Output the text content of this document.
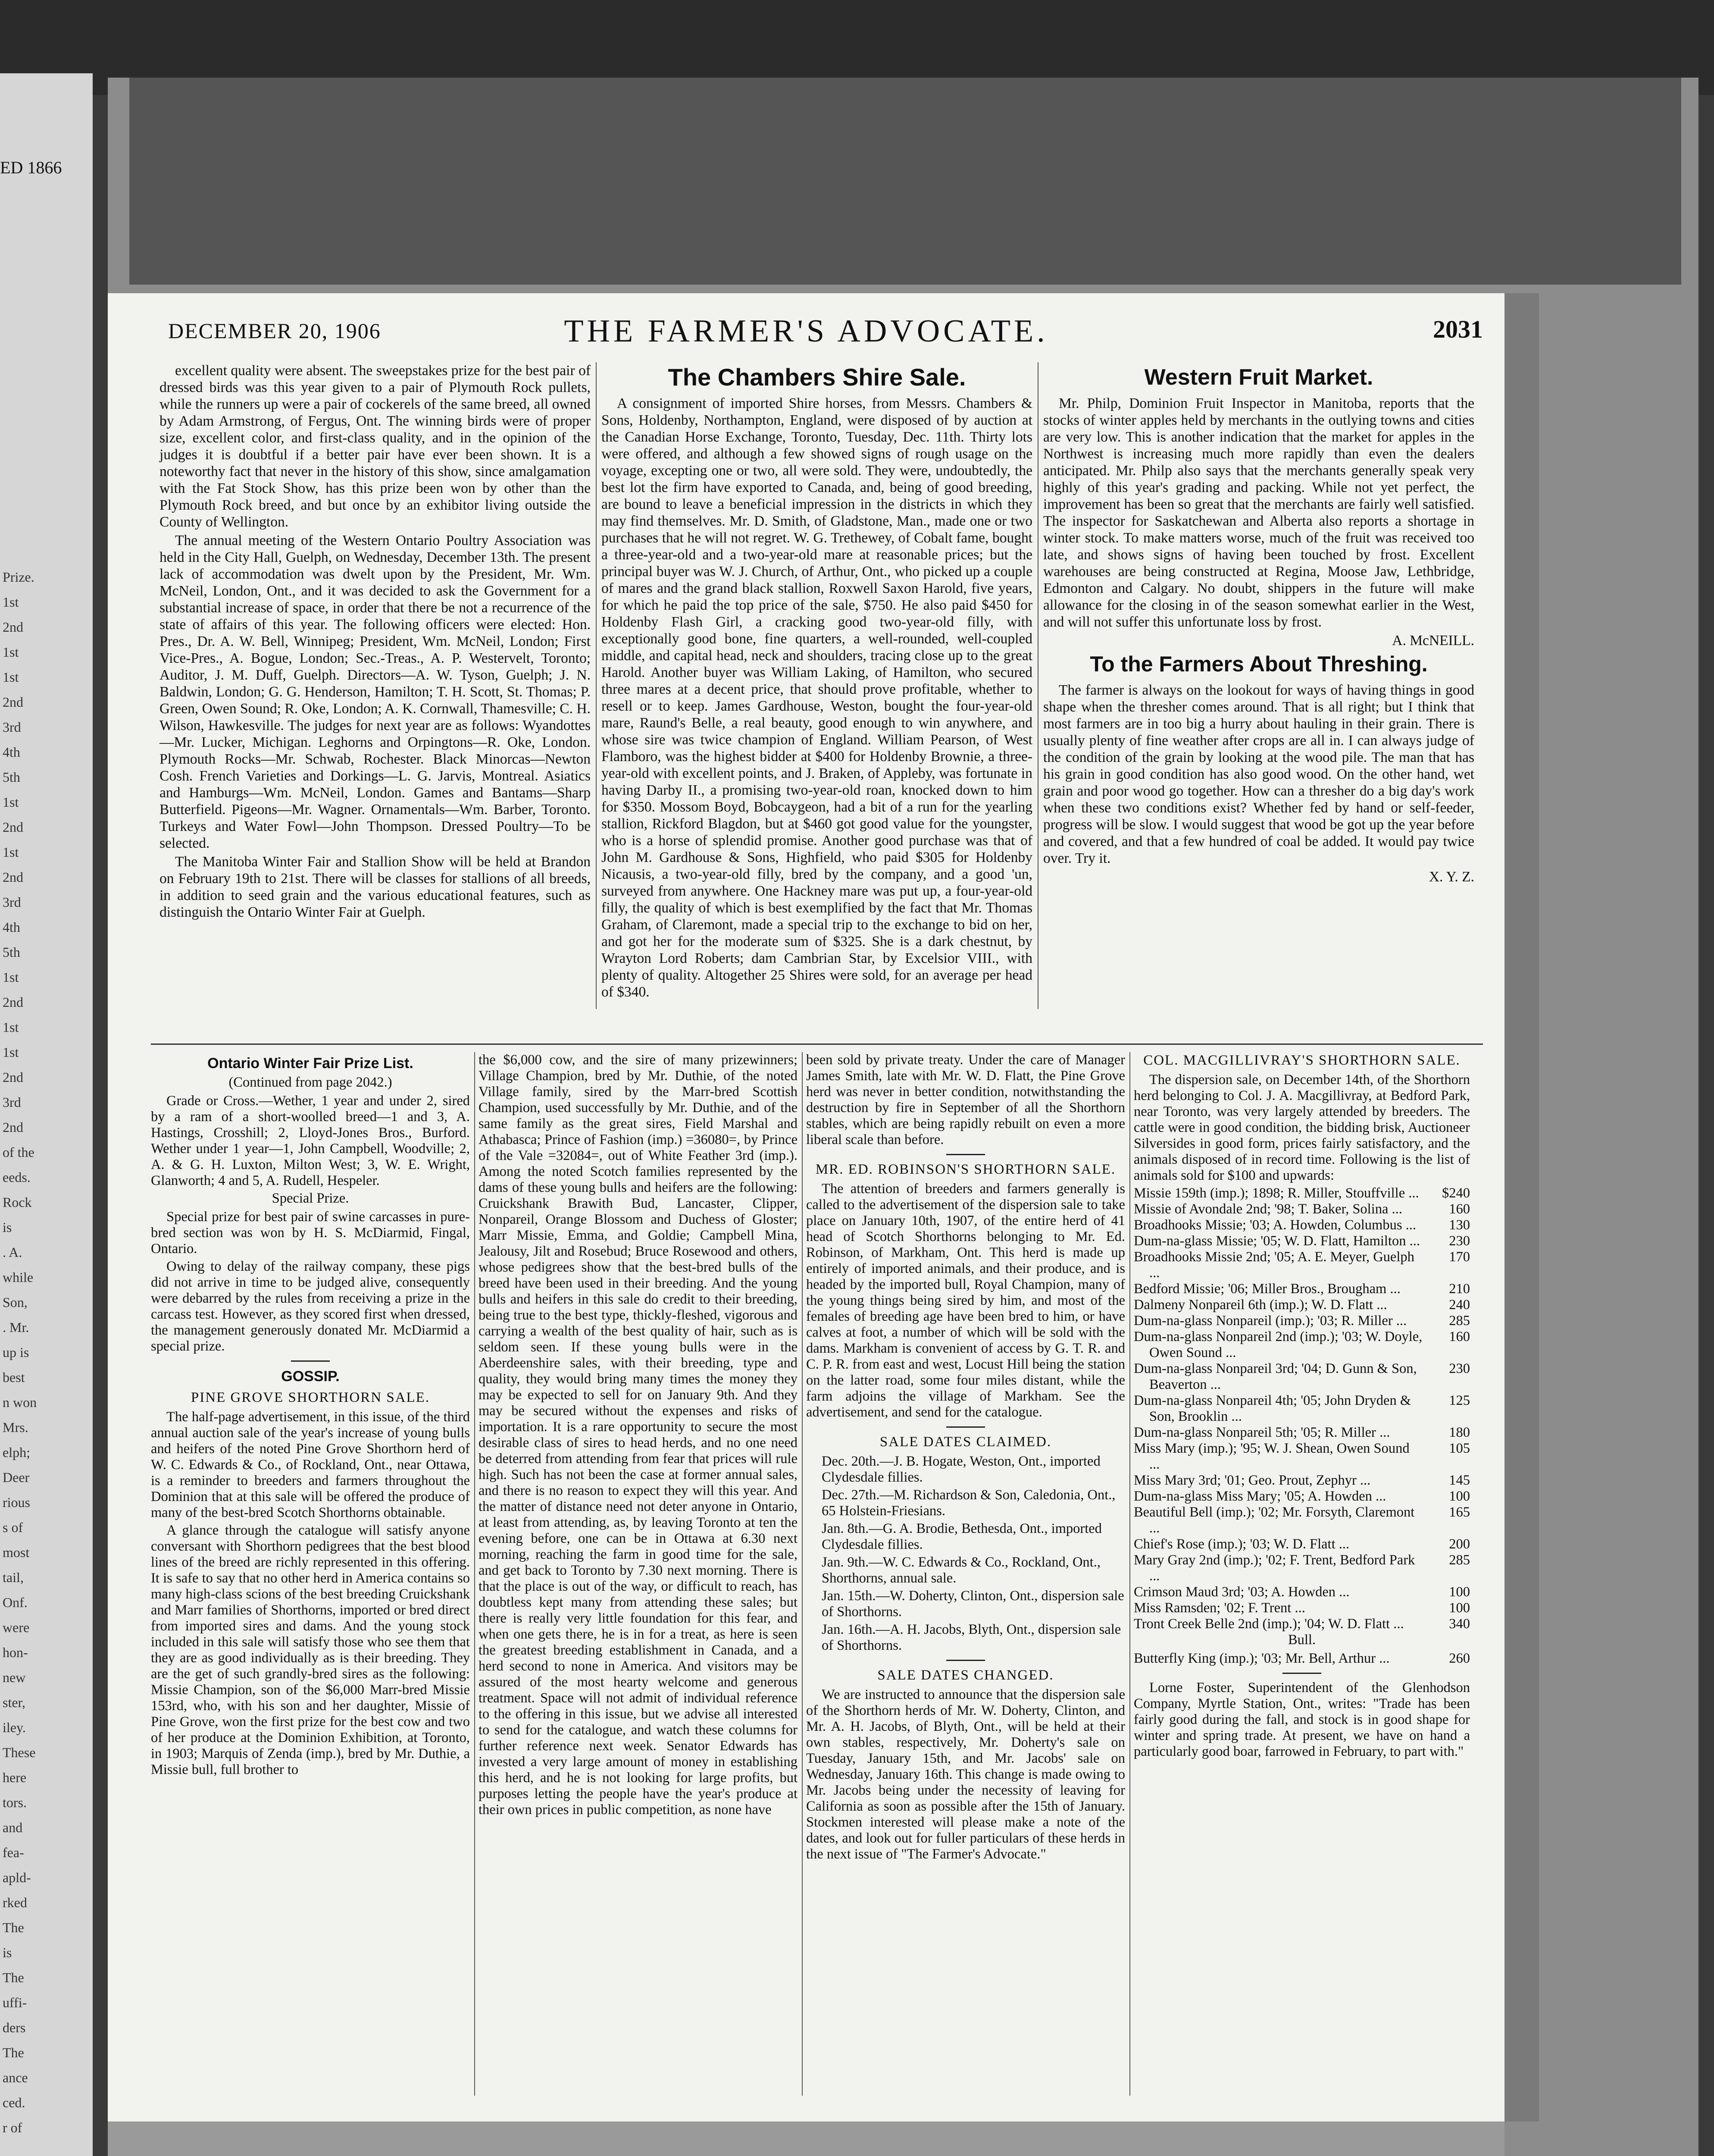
ED 1866
Prize.
1st
2nd
1st
1st
2nd
3rd
4th
5th
1st
2nd
1st
2nd
3rd
4th
5th
1st
2nd
1st
1st
2nd
3rd
2nd
of the
eeds.
Rock
is
. A.
while
Son,
. Mr.
up is
best
n won
Mrs.
elph;
Deer
rious
s of
most
tail,
Onf.
were
hon-
new
ster,
iley.
These
here
tors.
and
fea-
apld-
rked
The
is
The
uffi-
ders
The
ance
ced.
r of
DECEMBER 20, 1906	THE FARMER'S ADVOCATE.	2031

excellent quality were absent. The sweepstakes prize for the best pair of dressed birds was this year given to a pair of Plymouth Rock pullets, while the runners up were a pair of cockerels of the same breed, all owned by Adam Armstrong, of Fergus, Ont. The winning birds were of proper size, excellent color, and first-class quality, and in the opinion of the judges it is doubtful if a better pair have ever been shown. It is a noteworthy fact that never in the history of this show, since amalgamation with the Fat Stock Show, has this prize been won by other than the Plymouth Rock breed, and but once by an exhibitor living outside the County of Wellington.

The annual meeting of the Western Ontario Poultry Association was held in the City Hall, Guelph, on Wednesday, December 13th. The present lack of accommodation was dwelt upon by the President, Mr. Wm. McNeil, London, Ont., and it was decided to ask the Government for a substantial increase of space, in order that there be not a recurrence of the state of affairs of this year. The following officers were elected: Hon. Pres., Dr. A. W. Bell, Winnipeg; President, Wm. McNeil, London; First Vice-Pres., A. Bogue, London; Sec.-Treas., A. P. Westervelt, Toronto; Auditor, J. M. Duff, Guelph. Directors—A. W. Tyson, Guelph; J. N. Baldwin, London; G. G. Henderson, Hamilton; T. H. Scott, St. Thomas; P. Green, Owen Sound; R. Oke, London; A. K. Cornwall, Thamesville; C. H. Wilson, Hawkesville. The judges for next year are as follows: Wyandottes—Mr. Lucker, Michigan. Leghorns and Orpingtons—R. Oke, London. Plymouth Rocks—Mr. Schwab, Rochester. Black Minorcas—Newton Cosh. French Varieties and Dorkings—L. G. Jarvis, Montreal. Asiatics and Hamburgs—Wm. McNeil, London. Games and Bantams—Sharp Butterfield. Pigeons—Mr. Wagner. Ornamentals—Wm. Barber, Toronto. Turkeys and Water Fowl—John Thompson. Dressed Poultry—To be selected.

The Manitoba Winter Fair and Stallion Show will be held at Brandon on February 19th to 21st. There will be classes for stallions of all breeds, in addition to seed grain and the various educational features, such as distinguish the Ontario Winter Fair at Guelph.

The Chambers Shire Sale.

A consignment of imported Shire horses, from Messrs. Chambers & Sons, Holdenby, Northampton, England, were disposed of by auction at the Canadian Horse Exchange, Toronto, Tuesday, Dec. 11th. Thirty lots were offered, and although a few showed signs of rough usage on the voyage, excepting one or two, all were sold. They were, undoubtedly, the best lot the firm have exported to Canada, and, being of good breeding, are bound to leave a beneficial impression in the districts in which they may find themselves. Mr. D. Smith, of Gladstone, Man., made one or two purchases that he will not regret. W. G. Trethewey, of Cobalt fame, bought a three-year-old and a two-year-old mare at reasonable prices; but the principal buyer was W. J. Church, of Arthur, Ont., who picked up a couple of mares and the grand black stallion, Roxwell Saxon Harold, five years, for which he paid the top price of the sale, $750. He also paid $450 for Holdenby Flash Girl, a cracking good two-year-old filly, with exceptionally good bone, fine quarters, a well-rounded, well-coupled middle, and capital head, neck and shoulders, tracing close up to the great Harold. Another buyer was William Laking, of Hamilton, who secured three mares at a decent price, that should prove profitable, whether to resell or to keep. James Gardhouse, Weston, bought the four-year-old mare, Raund's Belle, a real beauty, good enough to win anywhere, and whose sire was twice champion of England. William Pearson, of West Flamboro, was the highest bidder at $400 for Holdenby Brownie, a three-year-old with excellent points, and J. Braken, of Appleby, was fortunate in having Darby II., a promising two-year-old roan, knocked down to him for $350. Mossom Boyd, Bobcaygeon, had a bit of a run for the yearling stallion, Rickford Blagdon, but at $460 got good value for the youngster, who is a horse of splendid promise. Another good purchase was that of John M. Gardhouse & Sons, Highfield, who paid $305 for Holdenby Nicausis, a two-year-old filly, bred by the company, and a good 'un, surveyed from anywhere. One Hackney mare was put up, a four-year-old filly, the quality of which is best exemplified by the fact that Mr. Thomas Graham, of Claremont, made a special trip to the exchange to bid on her, and got her for the moderate sum of $325. She is a dark chestnut, by Wrayton Lord Roberts; dam Cambrian Star, by Excelsior VIII., with plenty of quality. Altogether 25 Shires were sold, for an average per head of $340.

Western Fruit Market.

Mr. Philp, Dominion Fruit Inspector in Manitoba, reports that the stocks of winter apples held by merchants in the outlying towns and cities are very low. This is another indication that the market for apples in the Northwest is increasing much more rapidly than even the dealers anticipated. Mr. Philp also says that the merchants generally speak very highly of this year's grading and packing. While not yet perfect, the improvement has been so great that the merchants are fairly well satisfied. The inspector for Saskatchewan and Alberta also reports a shortage in winter stock. To make matters worse, much of the fruit was received too late, and shows signs of having been touched by frost. Excellent warehouses are being constructed at Regina, Moose Jaw, Lethbridge, Edmonton and Calgary. No doubt, shippers in the future will make allowance for the closing in of the season somewhat earlier in the West, and will not suffer this unfortunate loss by frost.

A. McNEILL.

To the Farmers About Threshing.

The farmer is always on the lookout for ways of having things in good shape when the thresher comes around. That is all right; but I think that most farmers are in too big a hurry about hauling in their grain. There is usually plenty of fine weather after crops are all in. I can always judge of the condition of the grain by looking at the wood pile. The man that has his grain in good condition has also good wood. On the other hand, wet grain and poor wood go together. How can a thresher do a big day's work when these two conditions exist? Whether fed by hand or self-feeder, progress will be slow. I would suggest that wood be got up the year before and covered, and that a few hundred of coal be added. It would pay twice over. Try it.

X. Y. Z.

Ontario Winter Fair Prize List.

(Continued from page 2042.)

Grade or Cross.—Wether, 1 year and under 2, sired by a ram of a short-woolled breed—1 and 3, A. Hastings, Crosshill; 2, Lloyd-Jones Bros., Burford. Wether under 1 year—1, John Campbell, Woodville; 2, A. & G. H. Luxton, Milton West; 3, W. E. Wright, Glanworth; 4 and 5, A. Rudell, Hespeler.

Special Prize.

Special prize for best pair of swine carcasses in pure-bred section was won by H. S. McDiarmid, Fingal, Ontario.

Owing to delay of the railway company, these pigs did not arrive in time to be judged alive, consequently were debarred by the rules from receiving a prize in the carcass test. However, as they scored first when dressed, the management generously donated Mr. McDiarmid a special prize.

GOSSIP.
PINE GROVE SHORTHORN SALE.

The half-page advertisement, in this issue, of the third annual auction sale of the year's increase of young bulls and heifers of the noted Pine Grove Shorthorn herd of W. C. Edwards & Co., of Rockland, Ont., near Ottawa, is a reminder to breeders and farmers throughout the Dominion that at this sale will be offered the produce of many of the best-bred Scotch Shorthorns obtainable.

A glance through the catalogue will satisfy anyone conversant with Shorthorn pedigrees that the best blood lines of the breed are richly represented in this offering. It is safe to say that no other herd in America contains so many high-class scions of the best breeding Cruickshank and Marr families of Shorthorns, imported or bred direct from imported sires and dams. And the young stock included in this sale will satisfy those who see them that they are as good individually as is their breeding. They are the get of such grandly-bred sires as the following: Missie Champion, son of the $6,000 Marr-bred Missie 153rd, who, with his son and her daughter, Missie of Pine Grove, won the first prize for the best cow and two of her produce at the Dominion Exhibition, at Toronto, in 1903; Marquis of Zenda (imp.), bred by Mr. Duthie, a Missie bull, full brother to

the $6,000 cow, and the sire of many prizewinners; Village Champion, bred by Mr. Duthie, of the noted Village family, sired by the Marr-bred Scottish Champion, used successfully by Mr. Duthie, and of the same family as the great sires, Field Marshal and Athabasca; Prince of Fashion (imp.) =36080=, by Prince of the Vale =32084=, out of White Feather 3rd (imp.). Among the noted Scotch families represented by the dams of these young bulls and heifers are the following: Cruickshank Brawith Bud, Lancaster, Clipper, Nonpareil, Orange Blossom and Duchess of Gloster; Marr Missie, Emma, and Goldie; Campbell Mina, Jealousy, Jilt and Rosebud; Bruce Rosewood and others, whose pedigrees show that the best-bred bulls of the breed have been used in their breeding. And the young bulls and heifers in this sale do credit to their breeding, being true to the best type, thickly-fleshed, vigorous and carrying a wealth of the best quality of hair, such as is seldom seen. If these young bulls were in the Aberdeenshire sales, with their breeding, type and quality, they would bring many times the money they may be expected to sell for on January 9th. And they may be secured without the expenses and risks of importation. It is a rare opportunity to secure the most desirable class of sires to head herds, and no one need be deterred from attending from fear that prices will rule high. Such has not been the case at former annual sales, and there is no reason to expect they will this year. And the matter of distance need not deter anyone in Ontario, at least from attending, as, by leaving Toronto at ten the evening before, one can be in Ottawa at 6.30 next morning, reaching the farm in good time for the sale, and get back to Toronto by 7.30 next morning. There is that the place is out of the way, or difficult to reach, has doubtless kept many from attending these sales; but there is really very little foundation for this fear, and when one gets there, he is in for a treat, as here is seen the greatest breeding establishment in Canada, and a herd second to none in America. And visitors may be assured of the most hearty welcome and generous treatment. Space will not admit of individual reference to the offering in this issue, but we advise all interested to send for the catalogue, and watch these columns for further reference next week. Senator Edwards has invested a very large amount of money in establishing this herd, and he is not looking for large profits, but purposes letting the people have the year's produce at their own prices in public competition, as none have

been sold by private treaty. Under the care of Manager James Smith, late with Mr. W. D. Flatt, the Pine Grove herd was never in better condition, notwithstanding the destruction by fire in September of all the Shorthorn stables, which are being rapidly rebuilt on even a more liberal scale than before.

MR. ED. ROBINSON'S SHORTHORN SALE.

The attention of breeders and farmers generally is called to the advertisement of the dispersion sale to take place on January 10th, 1907, of the entire herd of 41 head of Scotch Shorthorns belonging to Mr. Ed. Robinson, of Markham, Ont. This herd is made up entirely of imported animals, and their produce, and is headed by the imported bull, Royal Champion, many of the young things being sired by him, and most of the females of breeding age have been bred to him, or have calves at foot, a number of which will be sold with the dams. Markham is convenient of access by G. T. R. and C. P. R. from east and west, Locust Hill being the station on the latter road, some four miles distant, while the farm adjoins the village of Markham. See the advertisement, and send for the catalogue.

SALE DATES CLAIMED.

Dec. 20th.—J. B. Hogate, Weston, Ont., imported Clydesdale fillies.

Dec. 27th.—M. Richardson & Son, Caledonia, Ont., 65 Holstein-Friesians.

Jan. 8th.—G. A. Brodie, Bethesda, Ont., imported Clydesdale fillies.

Jan. 9th.—W. C. Edwards & Co., Rockland, Ont., Shorthorns, annual sale.

Jan. 15th.—W. Doherty, Clinton, Ont., dispersion sale of Shorthorns.

Jan. 16th.—A. H. Jacobs, Blyth, Ont., dispersion sale of Shorthorns.

SALE DATES CHANGED.

We are instructed to announce that the dispersion sale of the Shorthorn herds of Mr. W. Doherty, Clinton, and Mr. A. H. Jacobs, of Blyth, Ont., will be held at their own stables, respectively, Mr. Doherty's sale on Tuesday, January 15th, and Mr. Jacobs' sale on Wednesday, January 16th. This change is made owing to Mr. Jacobs being under the necessity of leaving for California as soon as possible after the 15th of January. Stockmen interested will please make a note of the dates, and look out for fuller particulars of these herds in the next issue of "The Farmer's Advocate."

COL. MACGILLIVRAY'S SHORTHORN SALE.

The dispersion sale, on December 14th, of the Shorthorn herd belonging to Col. J. A. Macgillivray, at Bedford Park, near Toronto, was very largely attended by breeders. The cattle were in good condition, the bidding brisk, Auctioneer Silversides in good form, prices fairly satisfactory, and the animals disposed of in record time. Following is the list of animals sold for $100 and upwards:

Missie 159th (imp.); 1898; R. Miller, Stouffville ...	$240
Missie of Avondale 2nd; '98; T. Baker, Solina ...	160
Broadhooks Missie; '03; A. Howden, Columbus ...	130
Dum-na-glass Missie; '05; W. D. Flatt, Hamilton ...	230
Broadhooks Missie 2nd; '05; A. E. Meyer, Guelph ...
170
Bedford Missie; '06; Miller Bros., Brougham ...	210
Dalmeny Nonpareil 6th (imp.); W. D. Flatt ...	240
Dum-na-glass Nonpareil (imp.); '03; R. Miller ...	285
Dum-na-glass Nonpareil 2nd (imp.); '03; W. Doyle, Owen Sound ...
160
Dum-na-glass Nonpareil 3rd; '04; D. Gunn & Son, Beaverton ...
230
Dum-na-glass Nonpareil 4th; '05; John Dryden & Son, Brooklin ...
125
Dum-na-glass Nonpareil 5th; '05; R. Miller ...	180
Miss Mary (imp.); '95; W. J. Shean, Owen Sound ...
105
Miss Mary 3rd; '01; Geo. Prout, Zephyr ...	145
Dum-na-glass Miss Mary; '05; A. Howden ...	100
Beautiful Bell (imp.); '02; Mr. Forsyth, Claremont ...
165
Chief's Rose (imp.); '03; W. D. Flatt ...	200
Mary Gray 2nd (imp.); '02; F. Trent, Bedford Park ...
285
Crimson Maud 3rd; '03; A. Howden ...	100
Miss Ramsden; '02; F. Trent ...	100
Tront Creek Belle 2nd (imp.); '04; W. D. Flatt ...	340

Bull.

Butterfly King (imp.); '03; Mr. Bell, Arthur ...	260

Lorne Foster, Superintendent of the Glenhodson Company, Myrtle Station, Ont., writes: "Trade has been fairly good during the fall, and stock is in good shape for winter and spring trade. At present, we have on hand a particularly good boar, farrowed in February, to part with."
